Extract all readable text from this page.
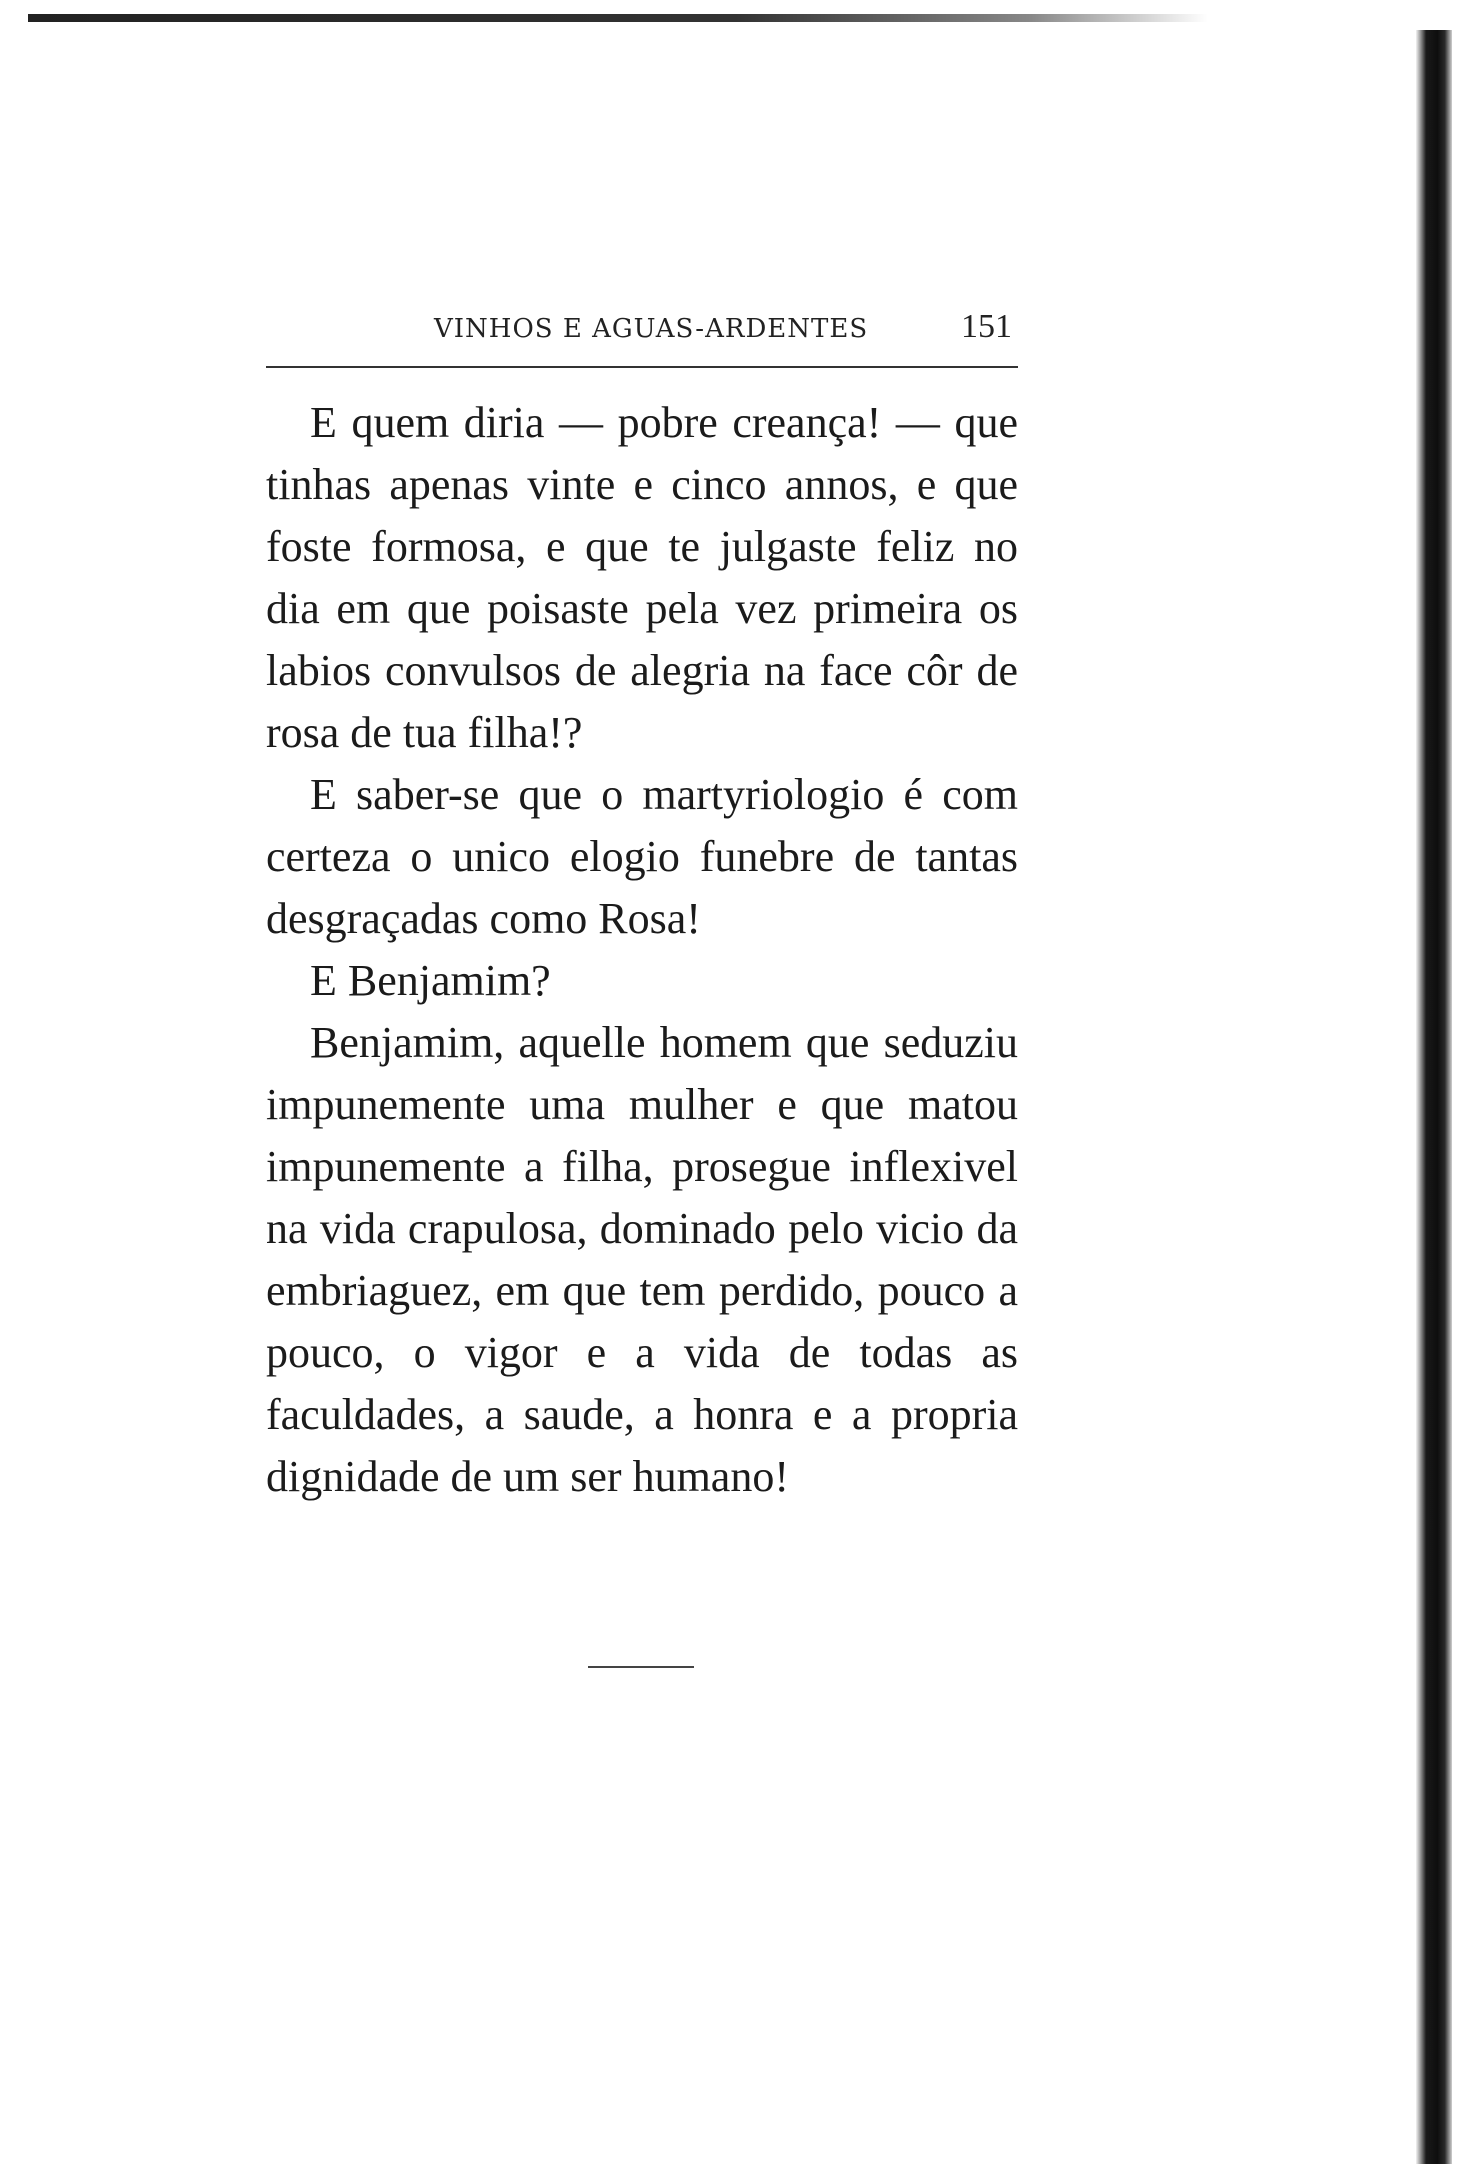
VINHOS E AGUAS-ARDENTES	151

E quem diria — pobre creança! — que tinhas apenas vinte e cinco annos, e que foste formosa, e que te julgaste feliz no dia em que poisaste pela vez primeira os labios convulsos de alegria na face côr de rosa de tua filha!?

E saber-se que o martyriologio é com certeza o unico elogio funebre de tantas desgraçadas como Rosa!

E Benjamim?

Benjamim, aquelle homem que seduziu impunemente uma mulher e que matou impunemente a filha, prosegue inflexivel na vida crapulosa, dominado pelo vicio da embriaguez, em que tem perdido, pouco a pouco, o vigor e a vida de todas as faculdades, a saude, a honra e a propria dignidade de um ser humano!
